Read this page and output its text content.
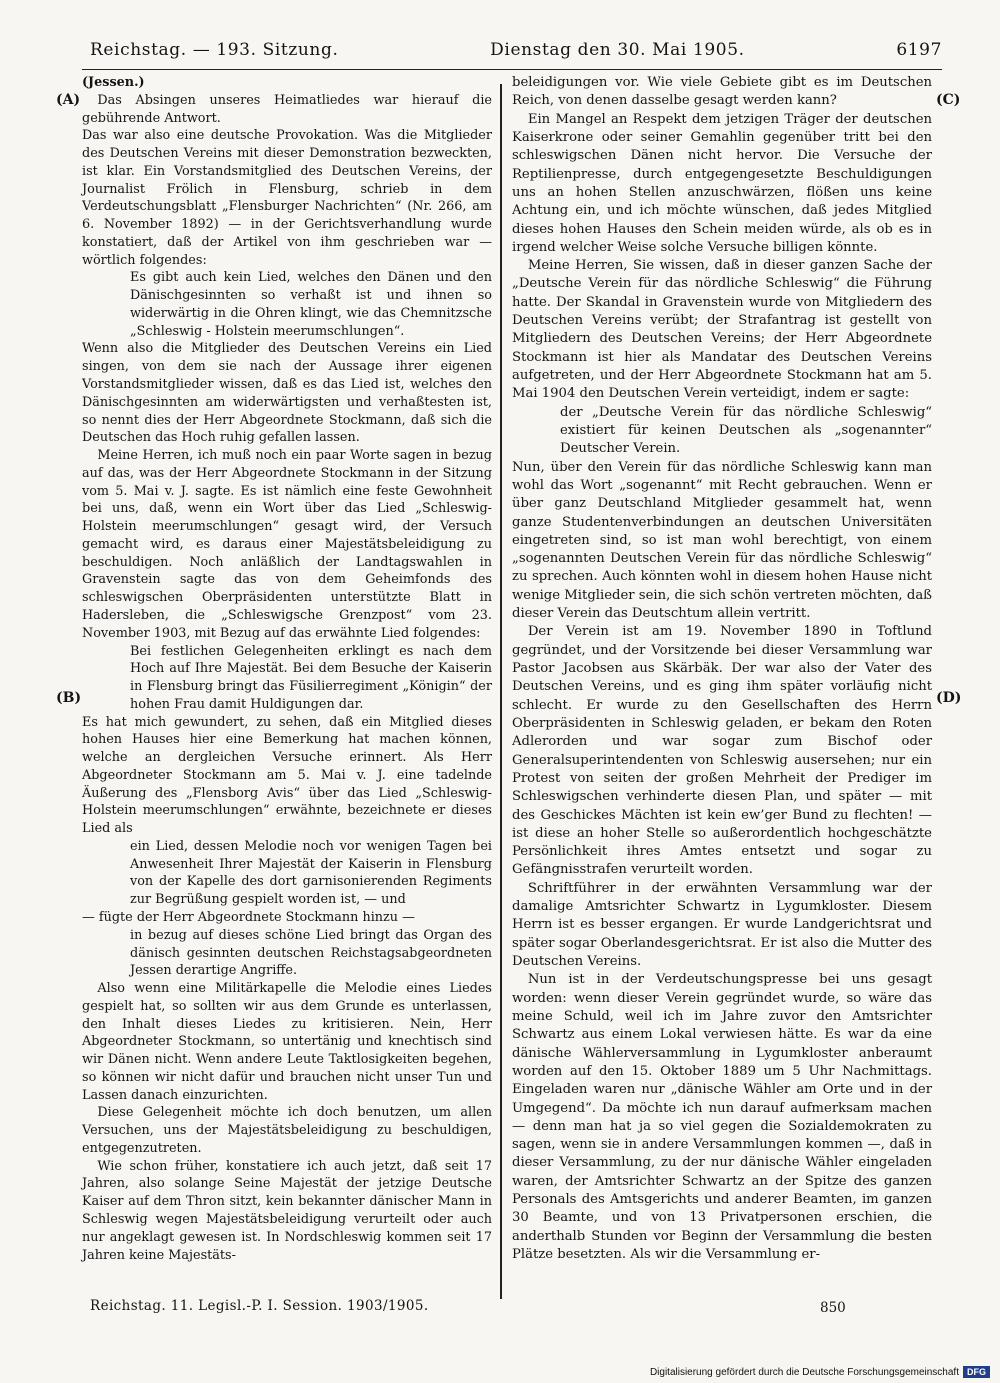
Reichstag. — 193. Sitzung.	Dienstag den 30. Mai 1905.	6197
(A)
(B)
(C)
(D)

(Jessen.)

Das Absingen unseres Heimatliedes war hierauf die gebührende Antwort.

Das war also eine deutsche Provokation. Was die Mitglieder des Deutschen Vereins mit dieser Demonstration bezweckten, ist klar. Ein Vorstandsmitglied des Deutschen Vereins, der Journalist Frölich in Flensburg, schrieb in dem Verdeutschungsblatt „Flensburger Nachrichten“ (Nr. 266, am 6. November 1892) — in der Gerichtsverhandlung wurde konstatiert, daß der Artikel von ihm geschrieben war — wörtlich folgendes:

Es gibt auch kein Lied, welches den Dänen und den Dänischgesinnten so verhaßt ist und ihnen so widerwärtig in die Ohren klingt, wie das Chemnitzsche „Schleswig - Holstein meerumschlungen“.

Wenn also die Mitglieder des Deutschen Vereins ein Lied singen, von dem sie nach der Aussage ihrer eigenen Vorstandsmitglieder wissen, daß es das Lied ist, welches den Dänischgesinnten am widerwärtigsten und verhaßtesten ist, so nennt dies der Herr Abgeordnete Stockmann, daß sich die Deutschen das Hoch ruhig gefallen lassen.

Meine Herren, ich muß noch ein paar Worte sagen in bezug auf das, was der Herr Abgeordnete Stockmann in der Sitzung vom 5. Mai v. J. sagte. Es ist nämlich eine feste Gewohnheit bei uns, daß, wenn ein Wort über das Lied „Schleswig-Holstein meerumschlungen“ gesagt wird, der Versuch gemacht wird, es daraus einer Majestätsbeleidigung zu beschuldigen. Noch anläßlich der Landtagswahlen in Gravenstein sagte das von dem Geheimfonds des schleswigschen Oberpräsidenten unterstützte Blatt in Hadersleben, die „Schleswigsche Grenzpost“ vom 23. November 1903, mit Bezug auf das erwähnte Lied folgendes:

Bei festlichen Gelegenheiten erklingt es nach dem Hoch auf Ihre Majestät. Bei dem Besuche der Kaiserin in Flensburg bringt das Füsilierregiment „Königin“ der hohen Frau damit Huldigungen dar.

Es hat mich gewundert, zu sehen, daß ein Mitglied dieses hohen Hauses hier eine Bemerkung hat machen können, welche an dergleichen Versuche erinnert. Als Herr Abgeordneter Stockmann am 5. Mai v. J. eine tadelnde Äußerung des „Flensborg Avis“ über das Lied „Schleswig-Holstein meerumschlungen“ erwähnte, bezeichnete er dieses Lied als

ein Lied, dessen Melodie noch vor wenigen Tagen bei Anwesenheit Ihrer Majestät der Kaiserin in Flensburg von der Kapelle des dort garnisonierenden Regiments zur Begrüßung gespielt worden ist, — und

— fügte der Herr Abgeordnete Stockmann hinzu —

in bezug auf dieses schöne Lied bringt das Organ des dänisch gesinnten deutschen Reichstagsabgeordneten Jessen derartige Angriffe.

Also wenn eine Militärkapelle die Melodie eines Liedes gespielt hat, so sollten wir aus dem Grunde es unterlassen, den Inhalt dieses Liedes zu kritisieren. Nein, Herr Abgeordneter Stockmann, so untertänig und knechtisch sind wir Dänen nicht. Wenn andere Leute Taktlosigkeiten begehen, so können wir nicht dafür und brauchen nicht unser Tun und Lassen danach einzurichten.

Diese Gelegenheit möchte ich doch benutzen, um allen Versuchen, uns der Majestätsbeleidigung zu beschuldigen, entgegenzutreten.

Wie schon früher, konstatiere ich auch jetzt, daß seit 17 Jahren, also solange Seine Majestät der jetzige Deutsche Kaiser auf dem Thron sitzt, kein bekannter dänischer Mann in Schleswig wegen Majestätsbeleidigung verurteilt oder auch nur angeklagt gewesen ist. In Nordschleswig kommen seit 17 Jahren keine Majestäts-

beleidigungen vor. Wie viele Gebiete gibt es im Deutschen Reich, von denen dasselbe gesagt werden kann?

Ein Mangel an Respekt dem jetzigen Träger der deutschen Kaiserkrone oder seiner Gemahlin gegenüber tritt bei den schleswigschen Dänen nicht hervor. Die Versuche der Reptilienpresse, durch entgegengesetzte Beschuldigungen uns an hohen Stellen anzuschwärzen, flößen uns keine Achtung ein, und ich möchte wünschen, daß jedes Mitglied dieses hohen Hauses den Schein meiden würde, als ob es in irgend welcher Weise solche Versuche billigen könnte.

Meine Herren, Sie wissen, daß in dieser ganzen Sache der „Deutsche Verein für das nördliche Schleswig“ die Führung hatte. Der Skandal in Gravenstein wurde von Mitgliedern des Deutschen Vereins verübt; der Strafantrag ist gestellt von Mitgliedern des Deutschen Vereins; der Herr Abgeordnete Stockmann ist hier als Mandatar des Deutschen Vereins aufgetreten, und der Herr Abgeordnete Stockmann hat am 5. Mai 1904 den Deutschen Verein verteidigt, indem er sagte:

der „Deutsche Verein für das nördliche Schleswig“ existiert für keinen Deutschen als „sogenannter“ Deutscher Verein.

Nun, über den Verein für das nördliche Schleswig kann man wohl das Wort „sogenannt“ mit Recht gebrauchen. Wenn er über ganz Deutschland Mitglieder gesammelt hat, wenn ganze Studentenverbindungen an deutschen Universitäten eingetreten sind, so ist man wohl berechtigt, von einem „sogenannten Deutschen Verein für das nördliche Schleswig“ zu sprechen. Auch könnten wohl in diesem hohen Hause nicht wenige Mitglieder sein, die sich schön vertreten möchten, daß dieser Verein das Deutschtum allein vertritt.

Der Verein ist am 19. November 1890 in Toftlund gegründet, und der Vorsitzende bei dieser Versammlung war Pastor Jacobsen aus Skärbäk. Der war also der Vater des Deutschen Vereins, und es ging ihm später vorläufig nicht schlecht. Er wurde zu den Gesellschaften des Herrn Oberpräsidenten in Schleswig geladen, er bekam den Roten Adlerorden und war sogar zum Bischof oder Generalsuperintendenten von Schleswig ausersehen; nur ein Protest von seiten der großen Mehrheit der Prediger im Schleswigschen verhinderte diesen Plan, und später — mit des Geschickes Mächten ist kein ew’ger Bund zu flechten! — ist diese an hoher Stelle so außerordentlich hochgeschätzte Persönlichkeit ihres Amtes entsetzt und sogar zu Gefängnisstrafen verurteilt worden.

Schriftführer in der erwähnten Versammlung war der damalige Amtsrichter Schwartz in Lygumkloster. Diesem Herrn ist es besser ergangen. Er wurde Landgerichtsrat und später sogar Oberlandesgerichtsrat. Er ist also die Mutter des Deutschen Vereins.

Nun ist in der Verdeutschungspresse bei uns gesagt worden: wenn dieser Verein gegründet wurde, so wäre das meine Schuld, weil ich im Jahre zuvor den Amtsrichter Schwartz aus einem Lokal verwiesen hätte. Es war da eine dänische Wählerversammlung in Lygumkloster anberaumt worden auf den 15. Oktober 1889 um 5 Uhr Nachmittags. Eingeladen waren nur „dänische Wähler am Orte und in der Umgegend“. Da möchte ich nun darauf aufmerksam machen — denn man hat ja so viel gegen die Sozialdemokraten zu sagen, wenn sie in andere Versammlungen kommen —, daß in dieser Versammlung, zu der nur dänische Wähler eingeladen waren, der Amtsrichter Schwartz an der Spitze des ganzen Personals des Amtsgerichts und anderer Beamten, im ganzen 30 Beamte, und von 13 Privatpersonen erschien, die anderthalb Stunden vor Beginn der Versammlung die besten Plätze besetzten. Als wir die Versammlung er-

Reichstag. 11. Legisl.-P. I. Session. 1903/1905.	850
Digitalisierung gefördert durch die Deutsche Forschungsgemeinschaft DFG
